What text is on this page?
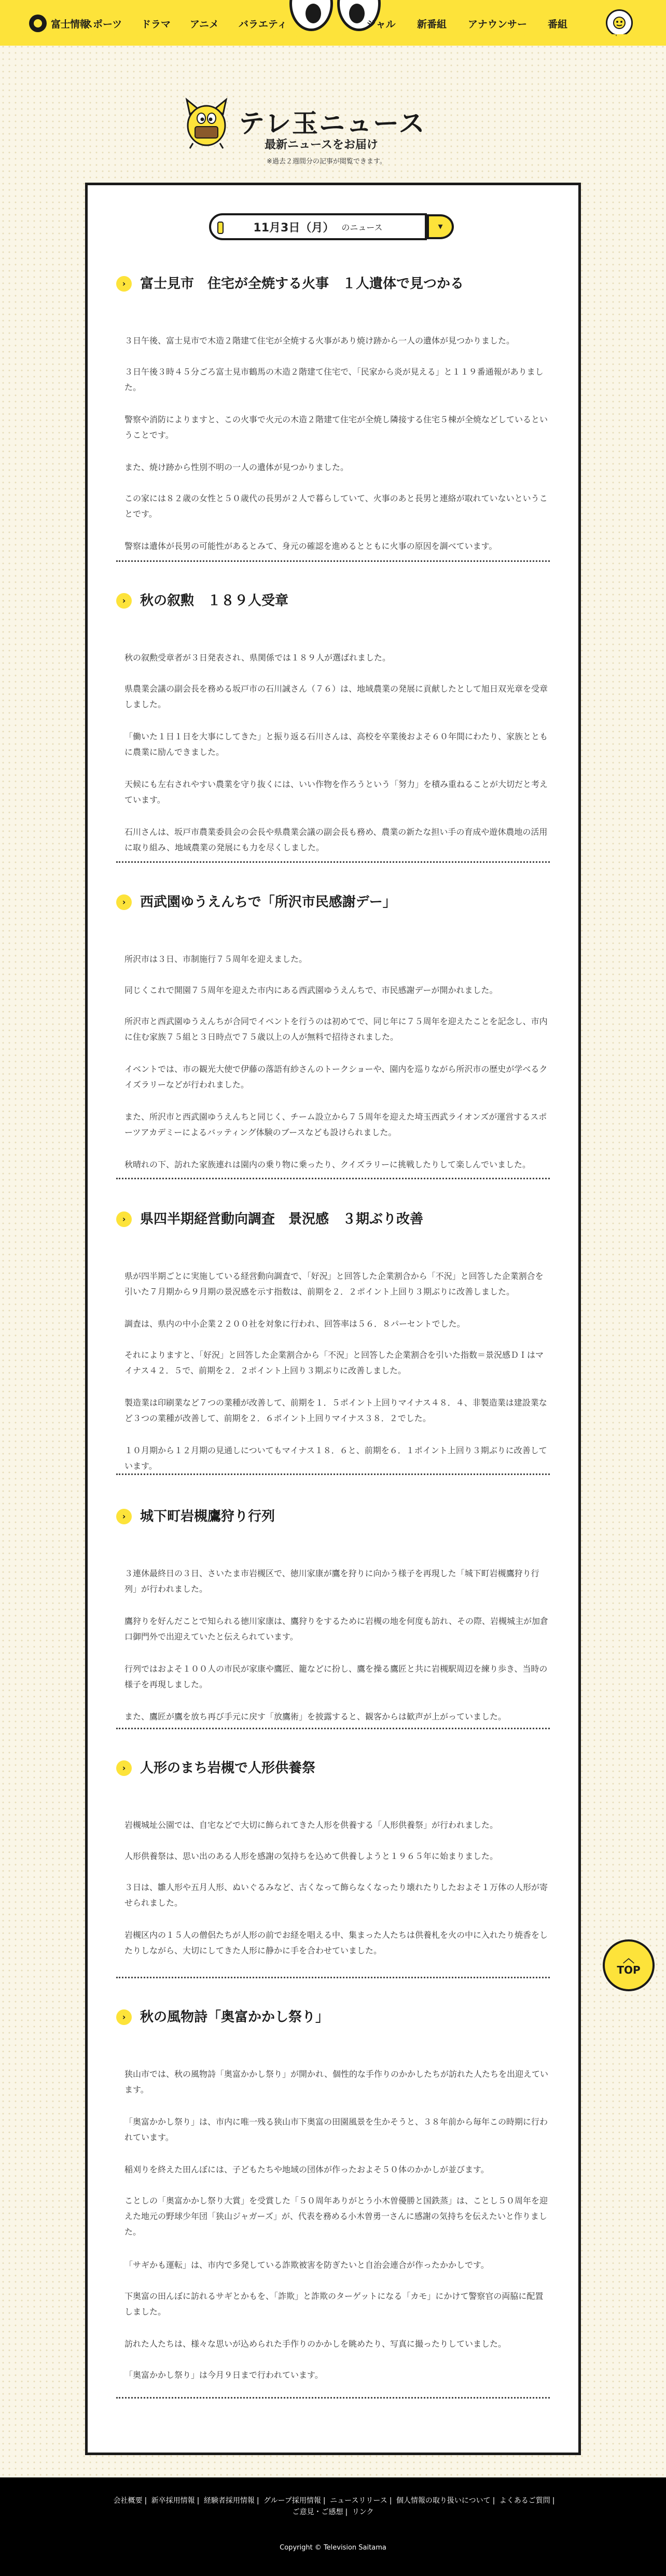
富士情報
スポーツ ドラマ アニメ バラエティ	ジャル 新番組 アナウンサー 番組
テレ玉ニュース
最新ニュースをお届け
※過去２週間分の記事が閲覧できます。
11月3日（月） のニュース	▾
›	富士見市　住宅が全焼する火事　１人遺体で見つかる

３日午後、富士見市で木造２階建て住宅が全焼する火事があり焼け跡から一人の遺体が見つかりました。

３日午後３時４５分ごろ富士見市鶴馬の木造２階建て住宅で、「民家から炎が見える」と１１９番通報がありました。

警察や消防によりますと、この火事で火元の木造２階建て住宅が全焼し隣接する住宅５棟が全焼などしているということです。

また、焼け跡から性別不明の一人の遺体が見つかりました。

この家には８２歳の女性と５０歳代の長男が２人で暮らしていて、火事のあと長男と連絡が取れていないということです。

警察は遺体が長男の可能性があるとみて、身元の確認を進めるとともに火事の原因を調べています。

›	秋の叙勲　１８９人受章

秋の叙勲受章者が３日発表され、県関係では１８９人が選ばれました。

県農業会議の副会長を務める坂戸市の石川誠さん（７６）は、地域農業の発展に貢献したとして旭日双光章を受章しました。

「働いた１日１日を大事にしてきた」と振り返る石川さんは、高校を卒業後およそ６０年間にわたり、家族とともに農業に励んできました。

天候にも左右されやすい農業を守り抜くには、いい作物を作ろうという「努力」を積み重ねることが大切だと考えています。

石川さんは、坂戸市農業委員会の会長や県農業会議の副会長も務め、農業の新たな担い手の育成や遊休農地の活用に取り組み、地域農業の発展にも力を尽くしました。

›	西武園ゆうえんちで「所沢市民感謝デー」

所沢市は３日、市制施行７５周年を迎えました。

同じくこれで開園７５周年を迎えた市内にある西武園ゆうえんちで、市民感謝デーが開かれました。

所沢市と西武園ゆうえんちが合同でイベントを行うのは初めてで、同じ年に７５周年を迎えたことを記念し、市内に住む家族７５組と３日時点で７５歳以上の人が無料で招待されました。

イベントでは、市の観光大使で伊藤の落語有紗さんのトークショーや、園内を巡りながら所沢市の歴史が学べるクイズラリーなどが行われました。

また、所沢市と西武園ゆうえんちと同じく、チーム設立から７５周年を迎えた埼玉西武ライオンズが運営するスポーツアカデミーによるバッティング体験のブースなども設けられました。

秋晴れの下、訪れた家族連れは園内の乗り物に乗ったり、クイズラリーに挑戦したりして楽しんでいました。

›	県四半期経営動向調査　景況感　３期ぶり改善

県が四半期ごとに実施している経営動向調査で、「好況」と回答した企業割合から「不況」と回答した企業割合を引いた７月期から９月期の景況感を示す指数は、前期を２．２ポイント上回り３期ぶりに改善しました。

調査は、県内の中小企業２２００社を対象に行われ、回答率は５６．８パーセントでした。

それによりますと、「好況」と回答した企業割合から「不況」と回答した企業割合を引いた指数＝景況感ＤＩはマイナス４２．５で、前期を２．２ポイント上回り３期ぶりに改善しました。

製造業は印刷業など７つの業種が改善して、前期を１．５ポイント上回りマイナス４８．４、非製造業は建設業など３つの業種が改善して、前期を２．６ポイント上回りマイナス３８．２でした。

１０月期から１２月期の見通しについてもマイナス１８．６と、前期を６．１ポイント上回り３期ぶりに改善しています。

›	城下町岩槻鷹狩り行列

３連休最終日の３日、さいたま市岩槻区で、徳川家康が鷹を狩りに向かう様子を再現した「城下町岩槻鷹狩り行列」が行われました。

鷹狩りを好んだことで知られる徳川家康は、鷹狩りをするために岩槻の地を何度も訪れ、その際、岩槻城主が加倉口御門外で出迎えていたと伝えられています。

行列ではおよそ１００人の市民が家康や鷹匠、籠などに扮し、鷹を操る鷹匠と共に岩槻駅周辺を練り歩き、当時の様子を再現しました。

また、鷹匠が鷹を放ち再び手元に戻す「放鷹術」を披露すると、観客からは歓声が上がっていました。

›	人形のまち岩槻で人形供養祭

岩槻城址公園では、自宅などで大切に飾られてきた人形を供養する「人形供養祭」が行われました。

人形供養祭は、思い出のある人形を感謝の気持ちを込めて供養しようと１９６５年に始まりました。

３日は、雛人形や五月人形、ぬいぐるみなど、古くなって飾らなくなったり壊れたりしたおよそ１万体の人形が寄せられました。

岩槻区内の１５人の僧侶たちが人形の前でお経を唱える中、集まった人たちは供養札を火の中に入れたり焼香をしたりしながら、大切にしてきた人形に静かに手を合わせていました。

›	秋の風物詩「奥富かかし祭り」

狭山市では、秋の風物詩「奥富かかし祭り」が開かれ、個性的な手作りのかかしたちが訪れた人たちを出迎えています。

「奥富かかし祭り」は、市内に唯一残る狭山市下奥富の田園風景を生かそうと、３８年前から毎年この時期に行われています。

稲刈りを終えた田んぼには、子どもたちや地域の団体が作ったおよそ５０体のかかしが並びます。

ことしの「奥富かかし祭り大賞」を受賞した「５０周年ありがとう小木曽優勝と国鉄蒸」は、ことし５０周年を迎えた地元の野球少年団「狭山ジャガーズ」が、代表を務める小木曽勇一さんに感謝の気持ちを伝えたいと作りました。

「サギかも運転」は、市内で多発している詐欺被害を防ぎたいと自治会連合が作ったかかしです。

下奥富の田んぼに訪れるサギとかもを、「詐欺」と詐欺のターゲットになる「カモ」にかけて警察官の両脇に配置しました。

訪れた人たちは、様々な思いが込められた手作りのかかしを眺めたり、写真に撮ったりしていました。

「奥富かかし祭り」は今月９日まで行われています。

︿
TOP
会社概要 | 新卒採用情報 | 経験者採用情報 | グループ採用情報 | ニュースリリース | 個人情報の取り扱いについて | よくあるご質問 |
ご意見・ご感想 | リンク
Copyright © Television Saitama
